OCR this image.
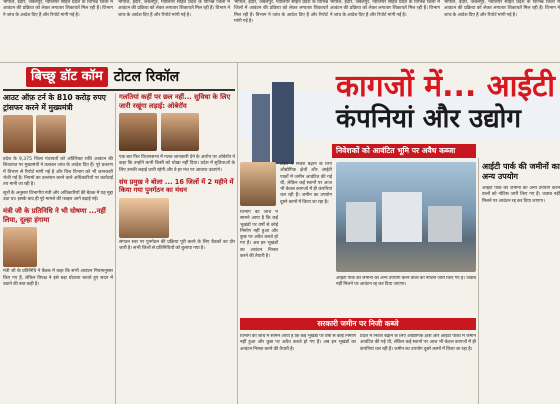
भोपाल, इंदौर, जबलपुर, ग्वालियर सहित प्रदेश के विभिन्न जिलों में आवंटन की प्रक्रिया को लेकर लगातार शिकायतें मिल रही हैं। विभाग ने जांच के आदेश दिए हैं और रिपोर्ट मांगी गई है।
भोपाल, इंदौर, जबलपुर, ग्वालियर सहित प्रदेश के विभिन्न जिलों में आवंटन की प्रक्रिया को लेकर लगातार शिकायतें मिल रही हैं। विभाग ने जांच के आदेश दिए हैं और रिपोर्ट मांगी गई है।
भोपाल, इंदौर, जबलपुर, ग्वालियर सहित प्रदेश के विभिन्न जिलों में आवंटन की प्रक्रिया को लेकर लगातार शिकायतें मिल रही हैं। विभाग ने जांच के आदेश दिए हैं और रिपोर्ट मांगी गई है।
भोपाल, इंदौर, जबलपुर, ग्वालियर सहित प्रदेश के विभिन्न जिलों में आवंटन की प्रक्रिया को लेकर लगातार शिकायतें मिल रही हैं। विभाग ने जांच के आदेश दिए हैं और रिपोर्ट मांगी गई है।
भोपाल, इंदौर, जबलपुर, ग्वालियर सहित प्रदेश के विभिन्न जिलों में आवंटन की प्रक्रिया को लेकर लगातार शिकायतें मिल रही हैं। विभाग ने जांच के आदेश दिए हैं और रिपोर्ट मांगी गई है।
बिच्छू डॉट कॉम टोटल रिकॉल
आउट ऑफ़ टर्न के 810 करोड़ रुपए ट्रांसफर करने में मुख्यमंत्री
प्रदेश के 9,375 जिला पंचायतों को अतिरिक्त राशि आवंटन की शिकायत पर मुख्यमंत्री ने तत्काल जांच के आदेश दिए हैं। पूरे प्रकरण में विभाग से रिपोर्ट मांगी गई है और वित्त विभाग को भी जानकारी भेजी गई है। नियमों का उल्लंघन करने वाले अधिकारियों पर कार्रवाई तय मानी जा रही है।
सूत्रों के अनुसार विभागीय मंत्री और अधिकारियों की बैठक में यह मुद्दा उठा था। इसके बाद ही पूरे मामले की फाइल आगे बढ़ाई गई।
मंत्री जी के प्रतिनिधि ने भी घोषणा ...नहीं लिया, दूल्हा हंगामा
मंत्री जी के प्रतिनिधि ने बैठक में कहा कि सभी आवंटन नियमानुसार किए गए हैं, लेकिन विपक्ष ने इसे बड़ा घोटाला बताते हुए सदन में उठाने की बात कही है।
गलतियां कहीं पर छल नहीं... सुविधा के लिए जारी रखूंगा लड़ाई: ओबेरॉय
एक बार फिर विधानसभा में गलत जानकारी देने के आरोप पर ओबेरॉय ने कहा कि उन्होंने कभी किसी को धोखा नहीं दिया। प्रदेश में सुविधाओं के लिए उनकी लड़ाई जारी रहेगी और वे हर मंच पर आवाज उठाएंगे।
संघ प्रमुख ने बोला ... 16 जिलों में 2 महीने में किया गया पुनर्गठन का मंथन
संगठन स्तर पर पुनर्गठन की प्रक्रिया पूरी करने के लिए बैठकों का दौर जारी है। सभी जिलों से प्रतिनिधियों को बुलाया गया है।
कागजों में... आईटी
कंपनियां और उद्योग
निवेशकों को आवंटित भूमि पर अवैध कब्जा
प्रदेश में निवेश बढ़ाने के लिए औद्योगिक क्षेत्रों और आईटी पार्कों में जमीन आवंटित की गई थी, लेकिन कई स्थानों पर आज भी केवल कागजों में ही कंपनियां चल रही हैं। जमीन का उपयोग दूसरे कामों में किया जा रहा है।
विभाग की जांच में सामने आया है कि कई भूखंडों पर वर्षों से कोई निर्माण नहीं हुआ और कुछ पर अवैध कब्जे हो गए हैं। अब इन भूखंडों का आवंटन निरस्त करने की तैयारी है।
आईटी पार्क की जमीनों का अन्य उपयोग करने वालों को नोटिस जारी किए गए हैं। जवाब नहीं मिलने पर आवंटन रद्द कर दिया जाएगा।
सरकारी जमीन पर निजी कब्जे
विभाग की जांच में सामने आया है कि कई भूखंडों पर वर्षों से कोई निर्माण नहीं हुआ और कुछ पर अवैध कब्जे हो गए हैं। अब इन भूखंडों का आवंटन निरस्त करने की तैयारी है।
प्रदेश में निवेश बढ़ाने के लिए औद्योगिक क्षेत्रों और आईटी पार्कों में जमीन आवंटित की गई थी, लेकिन कई स्थानों पर आज भी केवल कागजों में ही कंपनियां चल रही हैं। जमीन का उपयोग दूसरे कामों में किया जा रहा है।
आईटी पार्क की जमीनों का अन्य उपयोग
आईटी पार्क की जमीनों का अन्य उपयोग करने वालों को नोटिस जारी किए गए हैं। जवाब नहीं मिलने पर आवंटन रद्द कर दिया जाएगा।
